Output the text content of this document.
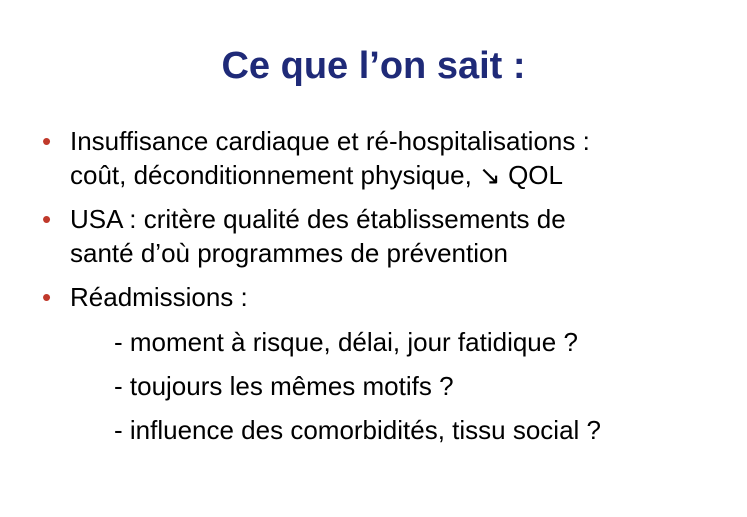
Ce que l’on sait :
• Insuffisance cardiaque et ré-hospitalisations :
coût, déconditionnement physique, ↘ QOL
• USA : critère qualité des établissements de
santé d’où programmes de prévention
• Réadmissions :
- moment à risque, délai, jour fatidique ?
- toujours les mêmes motifs ?
- influence des comorbidités, tissu social ?
